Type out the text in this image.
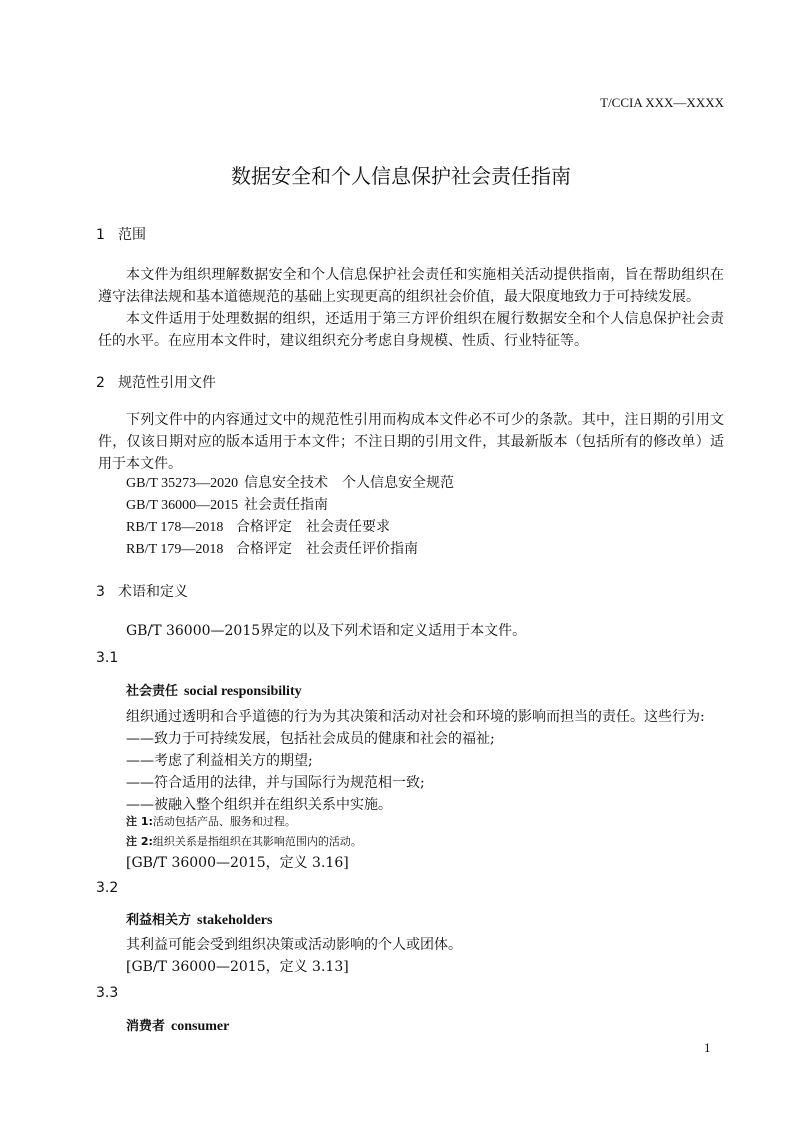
T/CCIA XXX—XXXX
数据安全和个人信息保护社会责任指南
1 范围
本文件为组织理解数据安全和个人信息保护社会责任和实施相关活动提供指南，旨在帮助组织在遵守法律法规和基本道德规范的基础上实现更高的组织社会价值，最大限度地致力于可持续发展。
本文件适用于处理数据的组织，还适用于第三方评价组织在履行数据安全和个人信息保护社会责任的水平。在应用本文件时，建议组织充分考虑自身规模、性质、行业特征等。
2 规范性引用文件
下列文件中的内容通过文中的规范性引用而构成本文件必不可少的条款。其中，注日期的引用文件，仅该日期对应的版本适用于本文件；不注日期的引用文件，其最新版本（包括所有的修改单）适用于本文件。
GB/T 35273—2020 信息安全技术　个人信息安全规范
GB/T 36000—2015 社会责任指南
RB/T 178—2018 合格评定　社会责任要求
RB/T 179—2018 合格评定　社会责任评价指南
3 术语和定义
GB/T 36000—2015界定的以及下列术语和定义适用于本文件。
3.1
社会责任 social responsibility
组织通过透明和合乎道德的行为为其决策和活动对社会和环境的影响而担当的责任。这些行为:
——致力于可持续发展，包括社会成员的健康和社会的福祉;
——考虑了利益相关方的期望;
——符合适用的法律，并与国际行为规范相一致;
——被融入整个组织并在组织关系中实施。
注 1:活动包括产品、服务和过程。
注 2:组织关系是指组织在其影响范围内的活动。
[GB/T 36000—2015，定义 3.16]
3.2
利益相关方 stakeholders
其利益可能会受到组织决策或活动影响的个人或团体。
[GB/T 36000—2015，定义 3.13]
3.3
消费者 consumer
1
